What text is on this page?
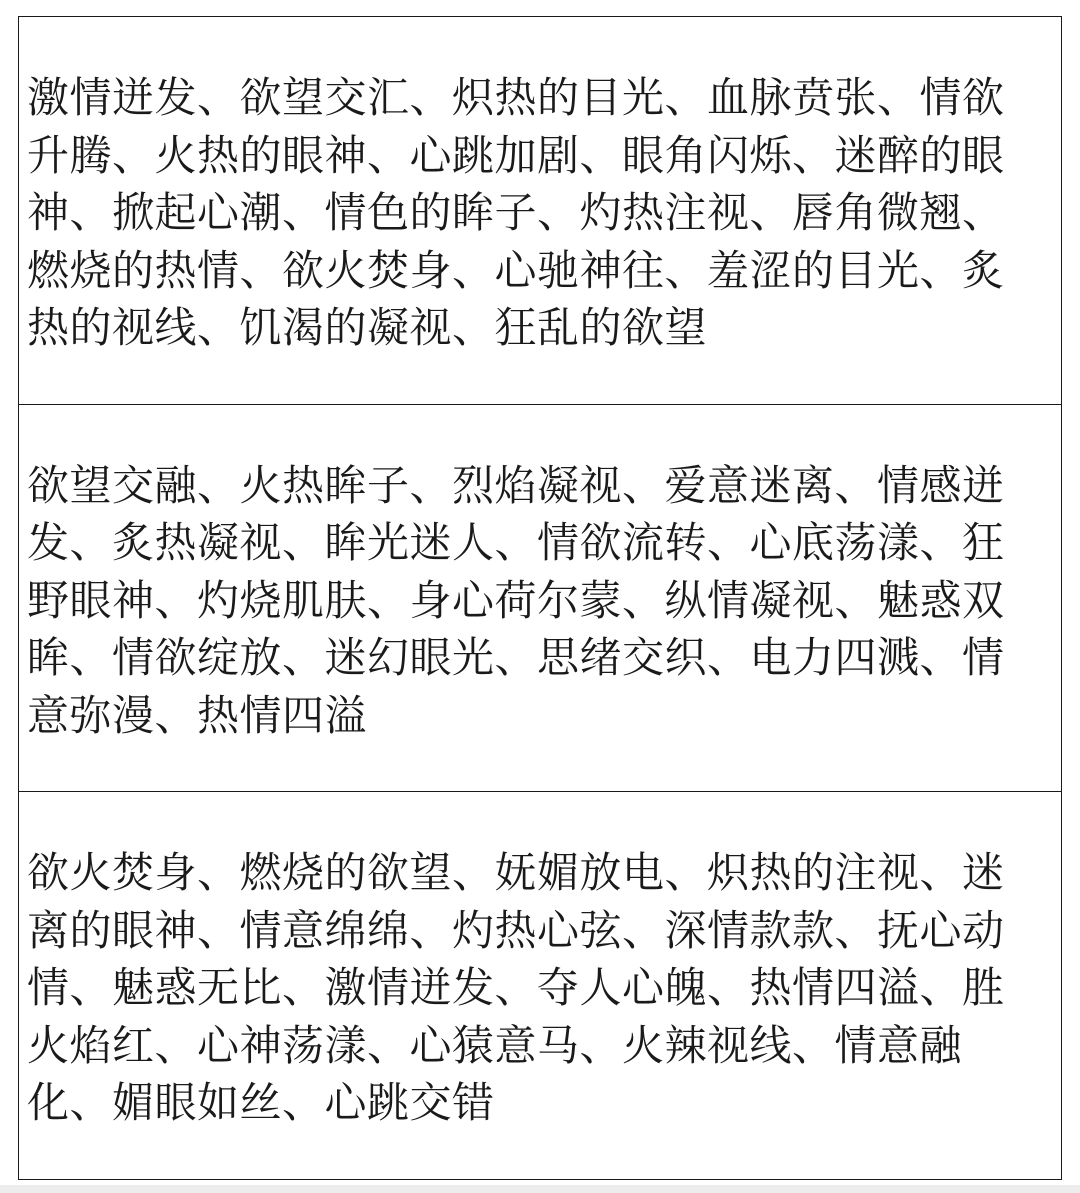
激情迸发、欲望交汇、炽热的目光、血脉贲张、情欲升腾、火热的眼神、心跳加剧、眼角闪烁、迷醉的眼神、掀起心潮、情色的眸子、灼热注视、唇角微翘、燃烧的热情、欲火焚身、心驰神往、羞涩的目光、炙热的视线、饥渴的凝视、狂乱的欲望

欲望交融、火热眸子、烈焰凝视、爱意迷离、情感迸发、炙热凝视、眸光迷人、情欲流转、心底荡漾、狂野眼神、灼烧肌肤、身心荷尔蒙、纵情凝视、魅惑双眸、情欲绽放、迷幻眼光、思绪交织、电力四溅、情意弥漫、热情四溢

欲火焚身、燃烧的欲望、妩媚放电、炽热的注视、迷离的眼神、情意绵绵、灼热心弦、深情款款、抚心动情、魅惑无比、激情迸发、夺人心魄、热情四溢、胜火焰红、心神荡漾、心猿意马、火辣视线、情意融化、媚眼如丝、心跳交错
